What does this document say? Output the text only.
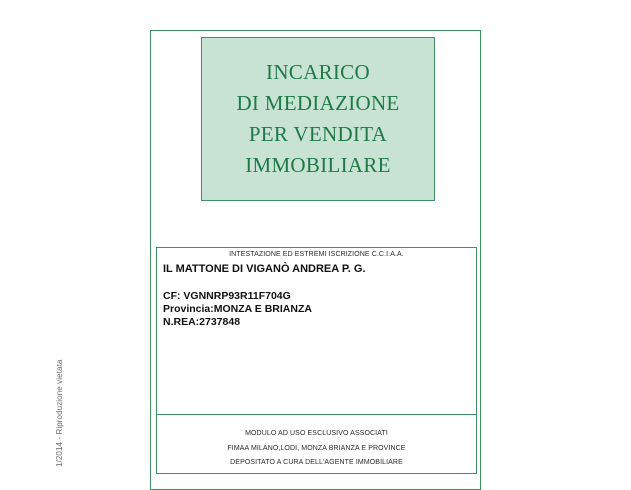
1/2014 - Riproduzione vietata
INCARICO
DI MEDIAZIONE
PER VENDITA
IMMOBILIARE
INTESTAZIONE ED ESTREMI ISCRIZIONE C.C.I.A.A.
IL MATTONE DI VIGANÒ ANDREA P. G.
CF: VGNNRP93R11F704G
Provincia:MONZA E BRIANZA
N.REA:2737848
MODULO AD USO ESCLUSIVO ASSOCIATI
FIMAA MILANO,LODI, MONZA BRIANZA E PROVINCE
DEPOSITATO A CURA DELL'AGENTE IMMOBILIARE
